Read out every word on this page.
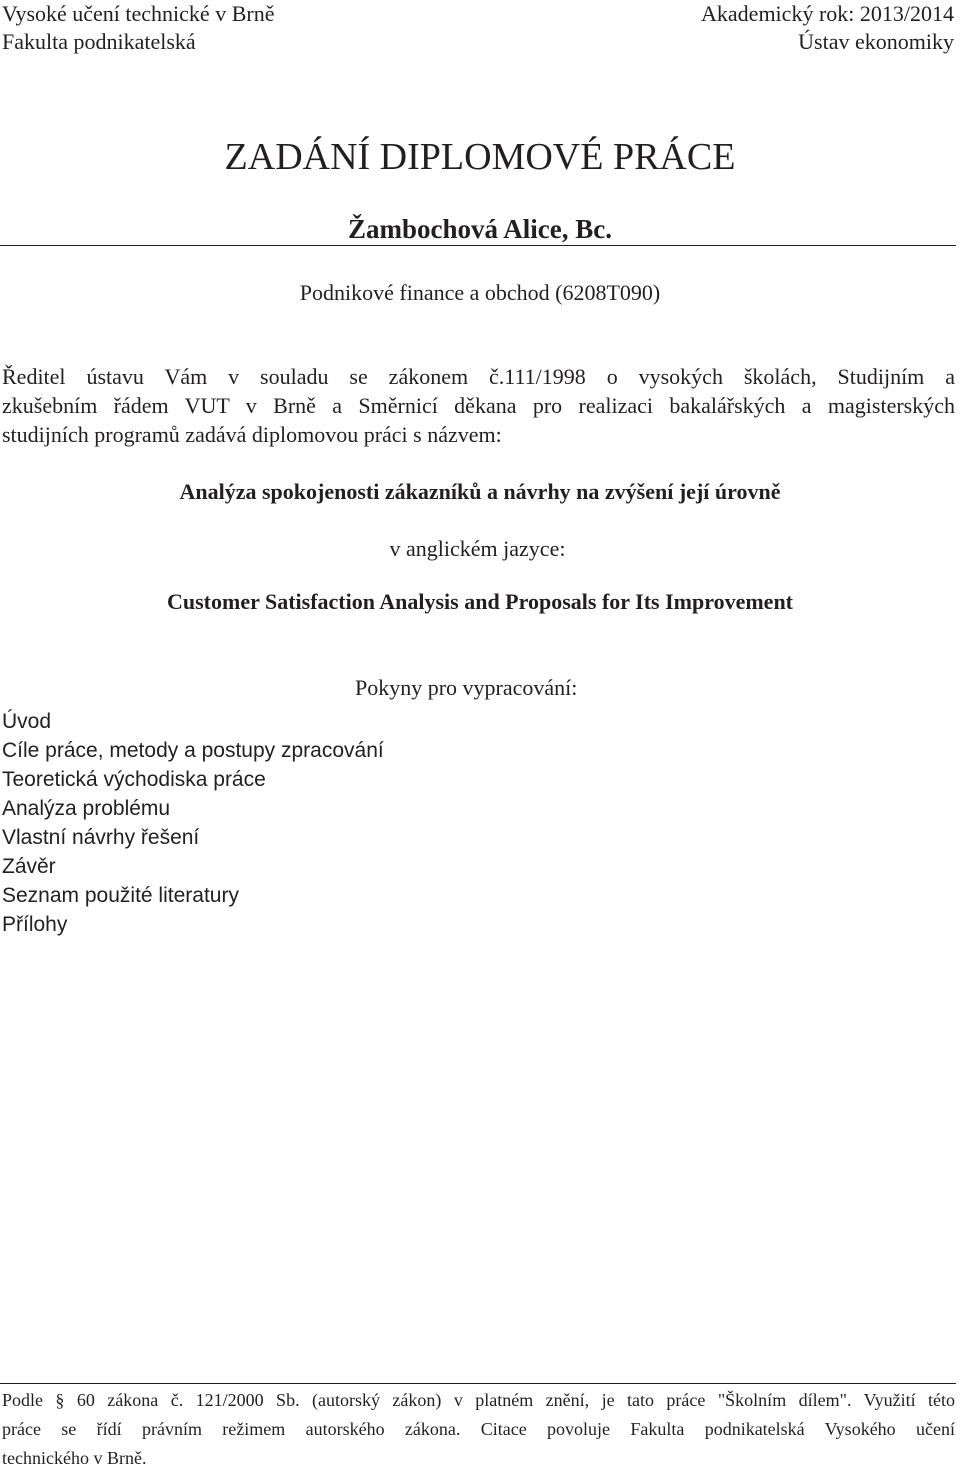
Vysoké učení technické v Brně
Fakulta podnikatelská
Akademický rok: 2013/2014
Ústav ekonomiky
ZADÁNÍ DIPLOMOVÉ PRÁCE
Žambochová Alice, Bc.
Podnikové finance a obchod (6208T090)
Ředitel ústavu Vám v souladu se zákonem č.111/1998 o vysokých školách, Studijním a
zkušebním řádem VUT v Brně a Směrnicí děkana pro realizaci bakalářských a magisterských
studijních programů zadává diplomovou práci s názvem:
Analýza spokojenosti zákazníků a návrhy na zvýšení její úrovně
v anglickém jazyce:
Customer Satisfaction Analysis and Proposals for Its Improvement
Pokyny pro vypracování:
Úvod
Cíle práce, metody a postupy zpracování
Teoretická východiska práce
Analýza problému
Vlastní návrhy řešení
Závěr
Seznam použité literatury
Přílohy
Podle § 60 zákona č. 121/2000 Sb. (autorský zákon) v platném znění, je tato práce "Školním dílem". Využití této
práce se řídí právním režimem autorského zákona. Citace povoluje Fakulta podnikatelská Vysokého učení
technického v Brně.
